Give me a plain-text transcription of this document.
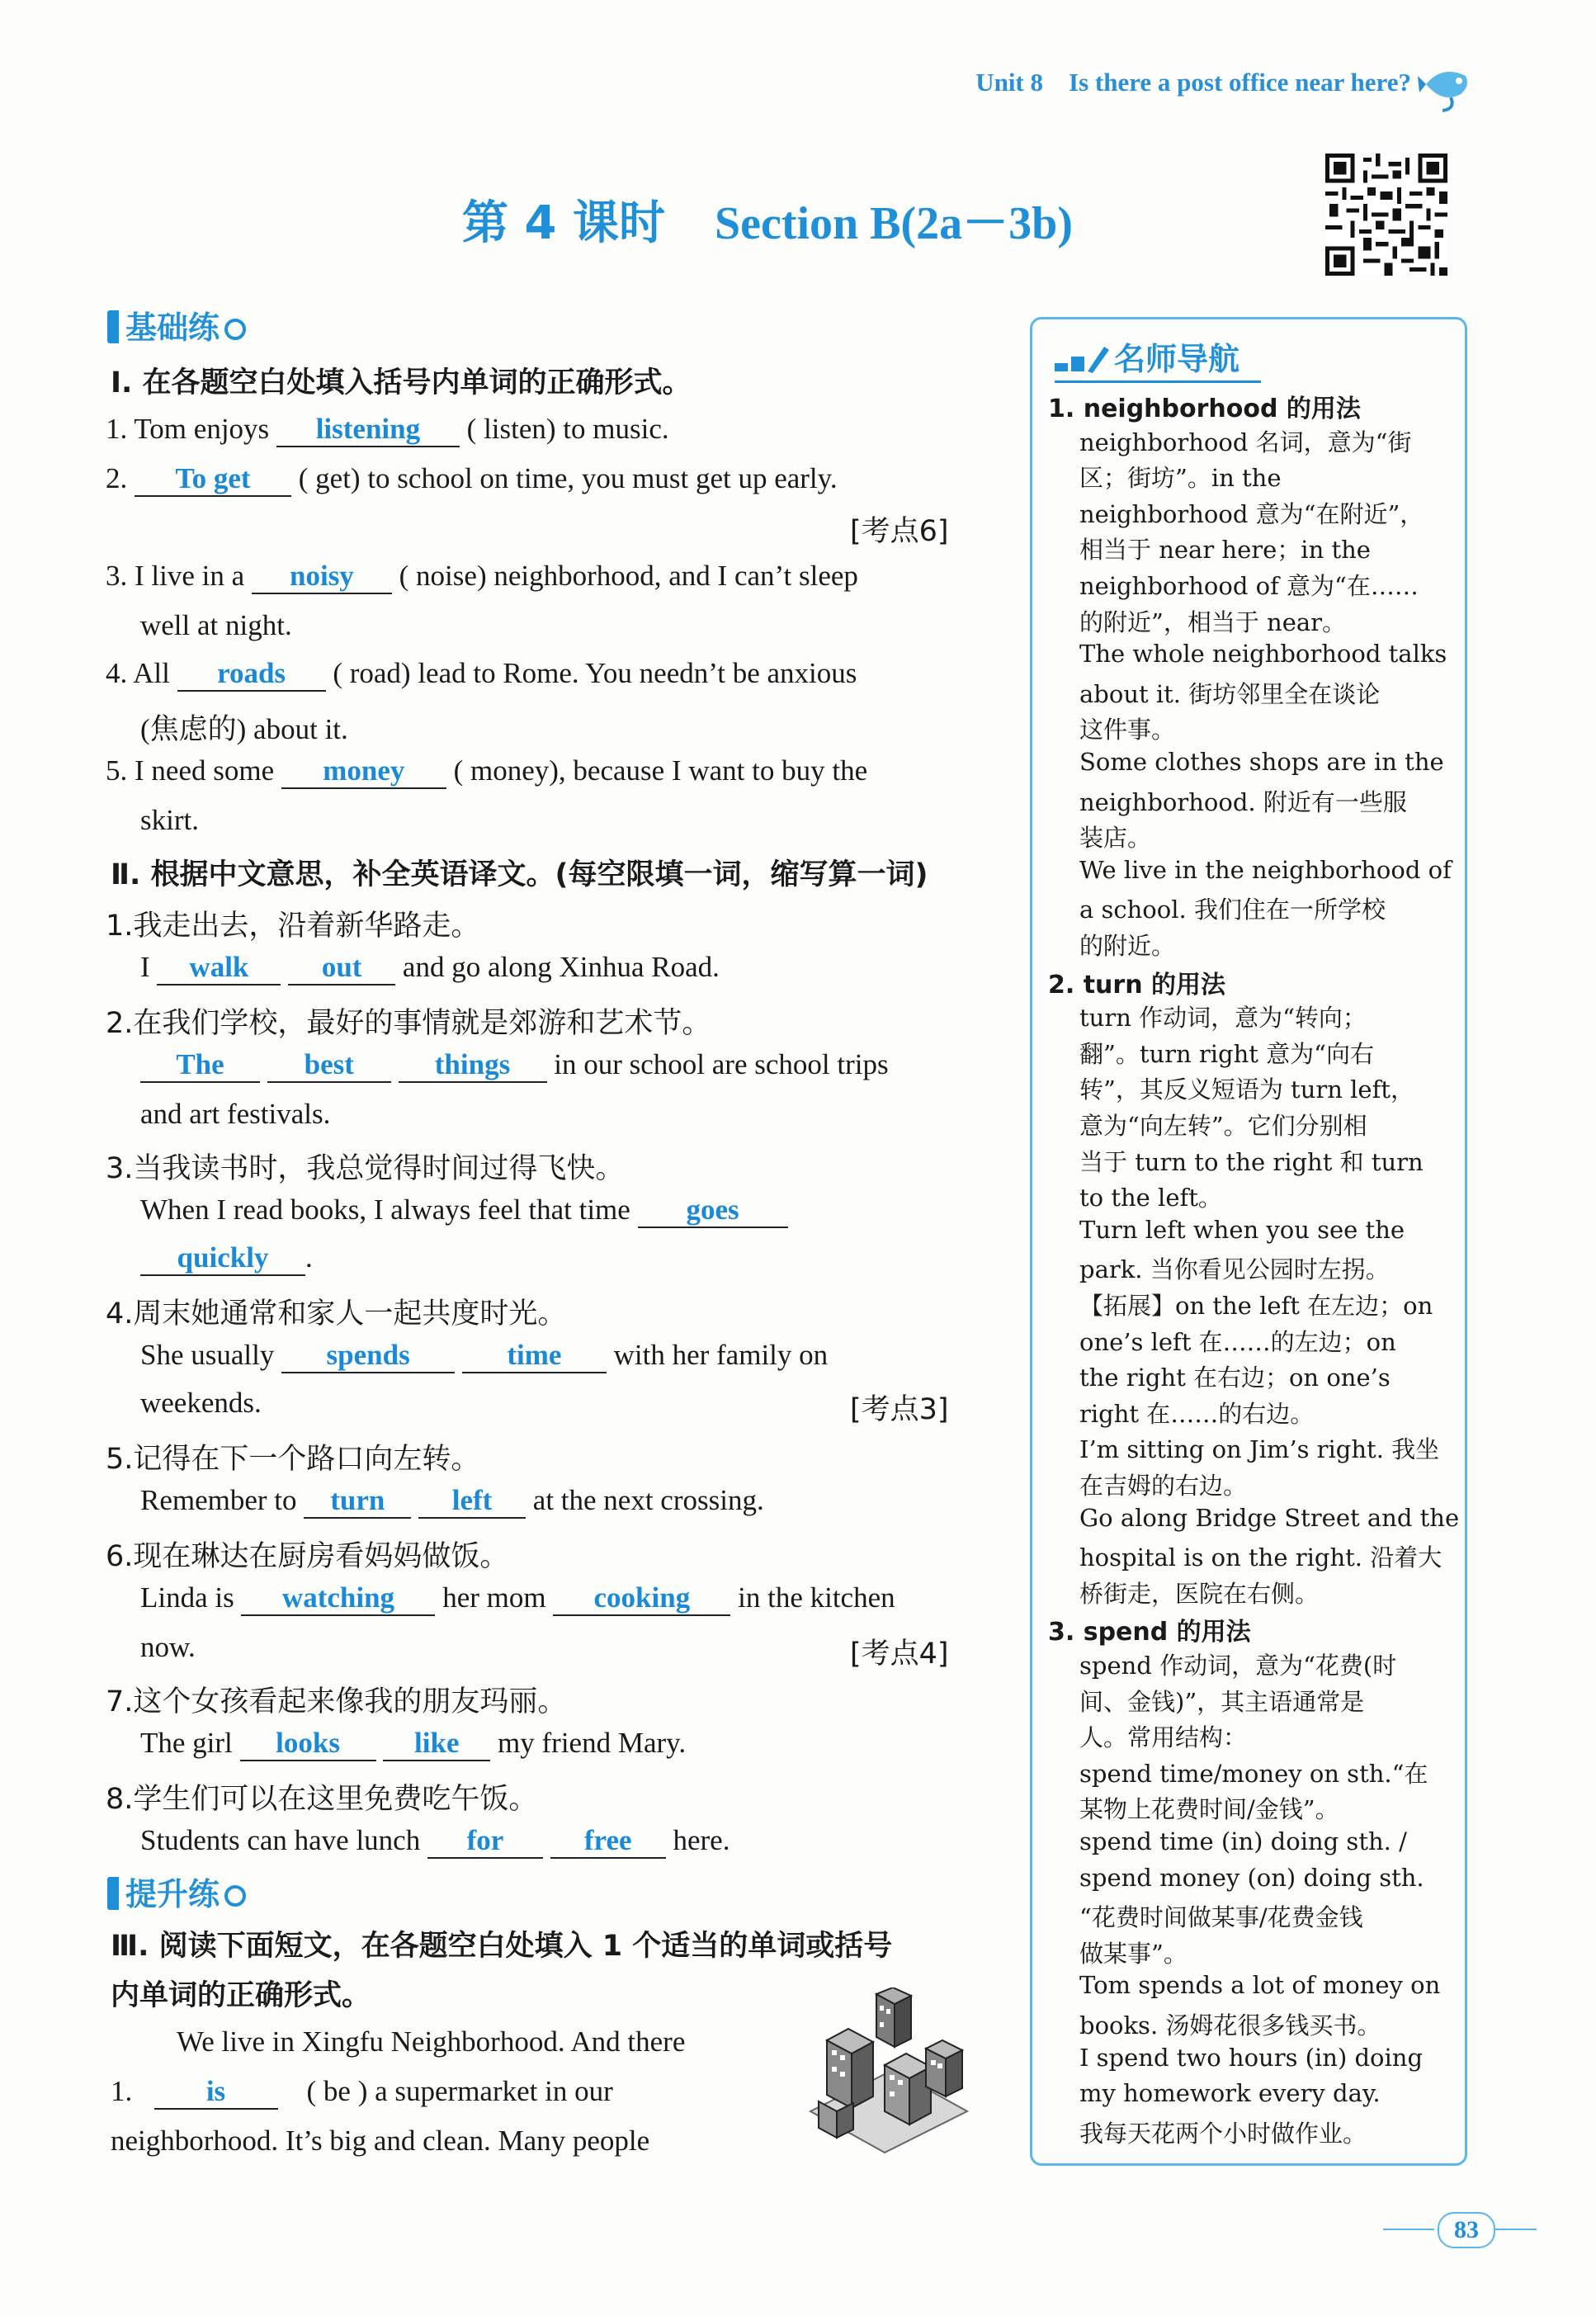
Unit 8 Is there a post office near here?
第 4 课时 Section B(2a－3b)
基础练
Ⅰ. 在各题空白处填入括号内单词的正确形式。
1. Tom enjoys listening ( listen) to music.
2. To get ( get) to school on time, you must get up early.
[考点6]
3. I live in a noisy ( noise) neighborhood, and I can’t sleep
well at night.
4. All roads ( road) lead to Rome. You needn’t be anxious
(焦虑的) about it.
5. I need some money ( money), because I want to buy the
skirt.
Ⅱ. 根据中文意思，补全英语译文。(每空限填一词，缩写算一词)
1.我走出去，沿着新华路走。
I walk	out and go along Xinhua Road.
2.在我们学校，最好的事情就是郊游和艺术节。
The	best	things in our school are school trips
and art festivals.
3.当我读书时，我总觉得时间过得飞快。
When I read books, I always feel that time goes
quickly .
4.周末她通常和家人一起共度时光。
She usually spends	time with her family on
weekends.	[考点3]
5.记得在下一个路口向左转。
Remember to turn left at the next crossing.
6.现在琳达在厨房看妈妈做饭。
Linda is watching her mom cooking in the kitchen
now.	[考点4]
7.这个女孩看起来像我的朋友玛丽。
The girl looks	like my friend Mary.
8.学生们可以在这里免费吃午饭。
Students can have lunch for	free here.
提升练
Ⅲ. 阅读下面短文，在各题空白处填入 1 个适当的单词或括号
内单词的正确形式。
We live in Xingfu Neighborhood. And there
1.	is	( be ) a supermarket in our
neighborhood. It’s big and clean. Many people
名师导航
1. neighborhood 的用法
neighborhood 名词，意为“街
区；街坊”。in the
neighborhood 意为“在附近”，
相当于 near here；in the
neighborhood of 意为“在……
的附近”，相当于 near。
The whole neighborhood talks
about it. 街坊邻里全在谈论
这件事。
Some clothes shops are in the
neighborhood. 附近有一些服
装店。
We live in the neighborhood of
a school. 我们住在一所学校
的附近。
2. turn 的用法
turn 作动词，意为“转向；
翻”。turn right 意为“向右
转”，其反义短语为 turn left，
意为“向左转”。它们分别相
当于 turn to the right 和 turn
to the left。
Turn left when you see the
park. 当你看见公园时左拐。
【拓展】on the left 在左边；on
one’s left 在……的左边；on
the right 在右边；on one’s
right 在……的右边。
I’m sitting on Jim’s right. 我坐
在吉姆的右边。
Go along Bridge Street and the
hospital is on the right. 沿着大
桥街走，医院在右侧。
3. spend 的用法
spend 作动词，意为“花费(时
间、金钱)”，其主语通常是
人。常用结构：
spend time/money on sth.“在
某物上花费时间/金钱”。
spend time (in) doing sth. /
spend money (on) doing sth.
“花费时间做某事/花费金钱
做某事”。
Tom spends a lot of money on
books. 汤姆花很多钱买书。
I spend two hours (in) doing
my homework every day.
我每天花两个小时做作业。
83
